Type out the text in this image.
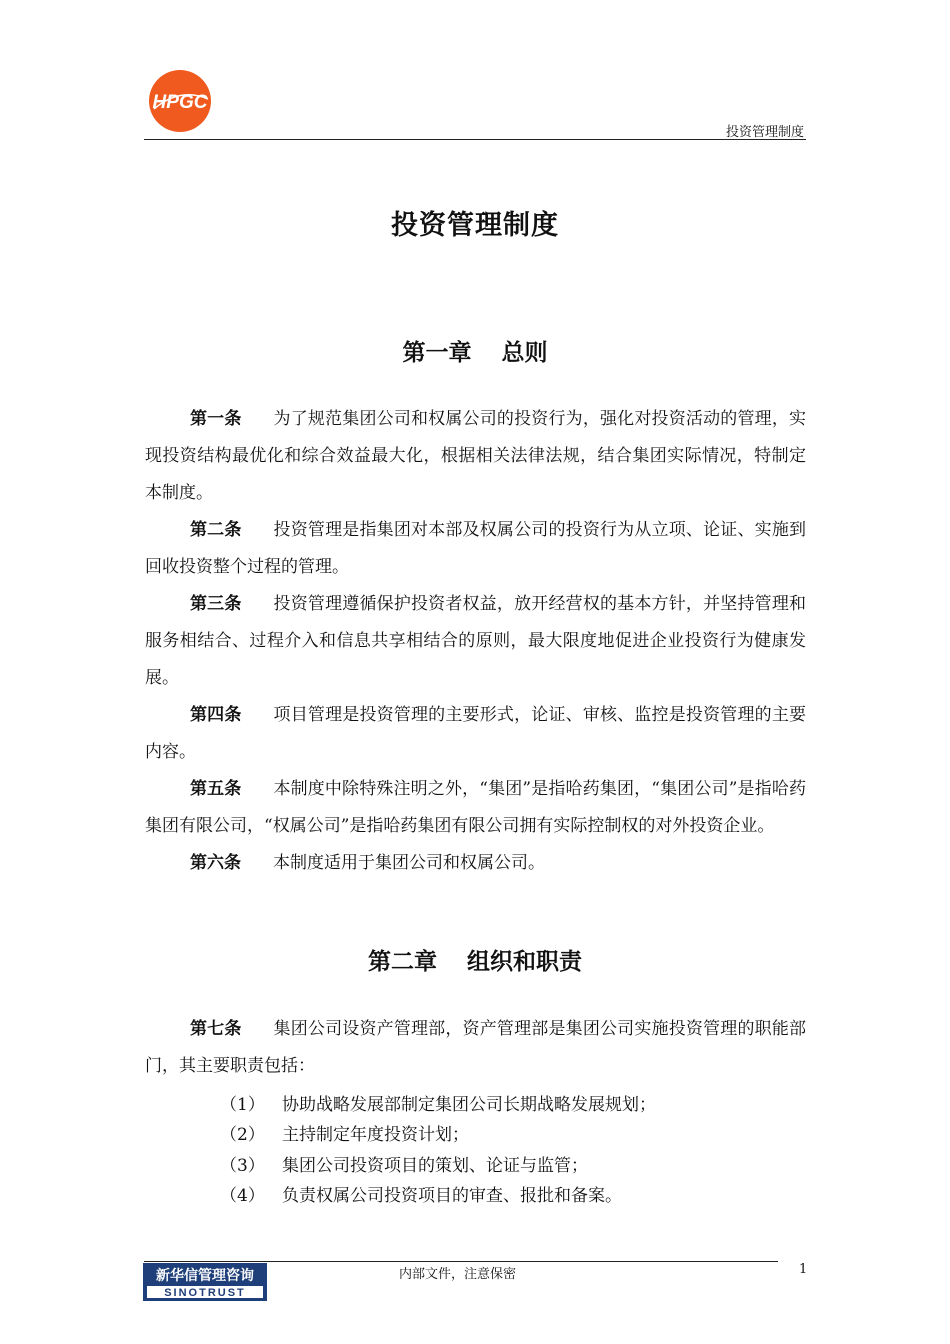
HPGC
投资管理制度
投资管理制度
第一章 总则

第一条 为了规范集团公司和权属公司的投资行为，强化对投资活动的管理，实现投资结构最优化和综合效益最大化，根据相关法律法规，结合集团实际情况，特制定本制度。

第二条 投资管理是指集团对本部及权属公司的投资行为从立项、论证、实施到回收投资整个过程的管理。

第三条 投资管理遵循保护投资者权益，放开经营权的基本方针，并坚持管理和服务相结合、过程介入和信息共享相结合的原则，最大限度地促进企业投资行为健康发展。

第四条 项目管理是投资管理的主要形式，论证、审核、监控是投资管理的主要内容。

第五条 本制度中除特殊注明之外，“集团”是指哈药集团，“集团公司”是指哈药集团有限公司，“权属公司”是指哈药集团有限公司拥有实际控制权的对外投资企业。

第六条 本制度适用于集团公司和权属公司。

第二章 组织和职责

第七条 集团公司设资产管理部，资产管理部是集团公司实施投资管理的职能部门，其主要职责包括：

（1）	协助战略发展部制定集团公司长期战略发展规划；
（2）	主持制定年度投资计划；
（3）	集团公司投资项目的策划、论证与监管；
（4）	负责权属公司投资项目的审查、报批和备案。
新华信管理咨询
SINOTRUST
内部文件，注意保密	1
